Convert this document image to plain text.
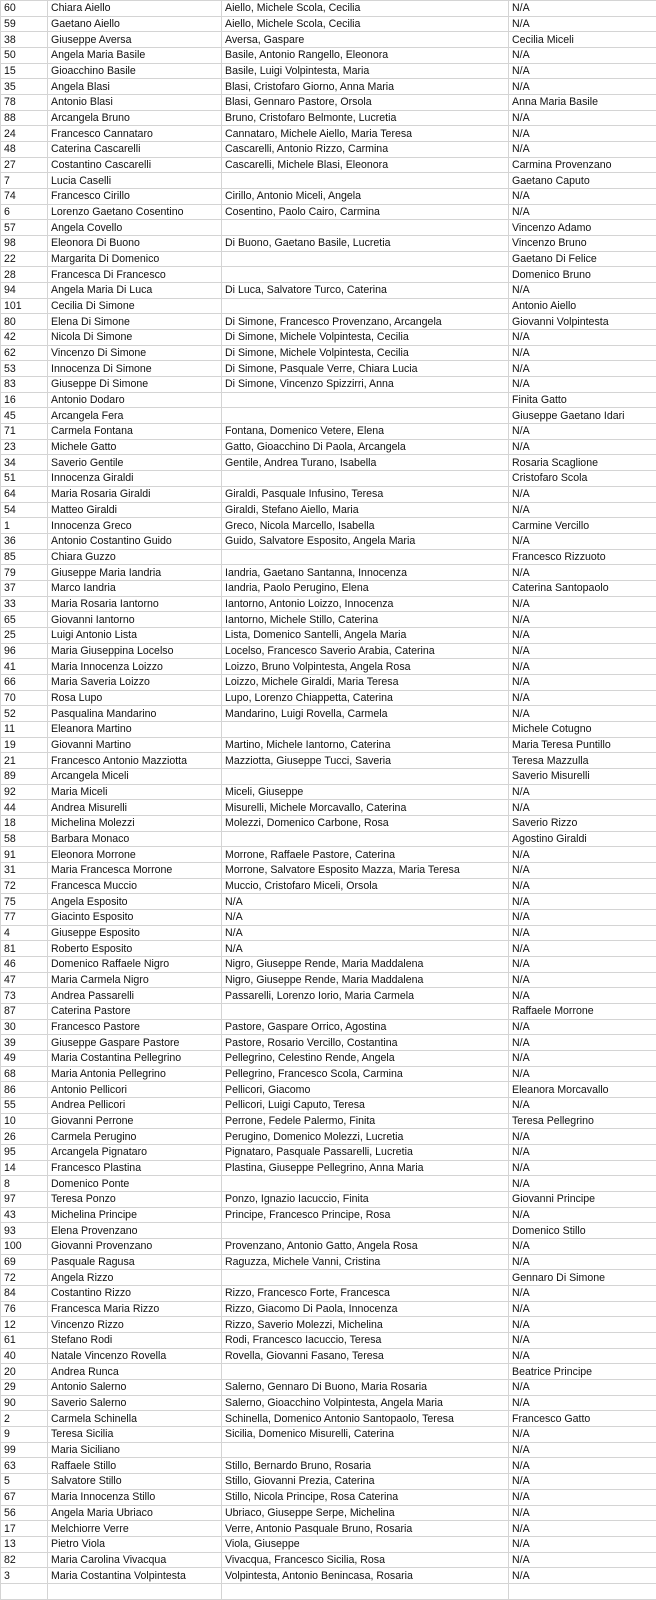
60	Chiara Aiello	Aiello, Michele Scola, Cecilia	N/A
59	Gaetano Aiello	Aiello, Michele Scola, Cecilia	N/A
38	Giuseppe Aversa	Aversa, Gaspare	Cecilia Miceli
50	Angela Maria Basile	Basile, Antonio Rangello, Eleonora	N/A
15	Gioacchino Basile	Basile, Luigi Volpintesta, Maria	N/A
35	Angela Blasi	Blasi, Cristofaro Giorno, Anna Maria	N/A
78	Antonio Blasi	Blasi, Gennaro Pastore, Orsola	Anna Maria Basile
88	Arcangela Bruno	Bruno, Cristofaro Belmonte, Lucretia	N/A
24	Francesco Cannataro	Cannataro, Michele Aiello, Maria Teresa	N/A
48	Caterina Cascarelli	Cascarelli, Antonio Rizzo, Carmina	N/A
27	Costantino Cascarelli	Cascarelli, Michele Blasi, Eleonora	Carmina Provenzano
7	Lucia Caselli		Gaetano Caputo
74	Francesco Cirillo	Cirillo, Antonio Miceli, Angela	N/A
6	Lorenzo Gaetano Cosentino	Cosentino, Paolo Cairo, Carmina	N/A
57	Angela Covello		Vincenzo Adamo
98	Eleonora Di Buono	Di Buono, Gaetano Basile, Lucretia	Vincenzo Bruno
22	Margarita Di Domenico		Gaetano Di Felice
28	Francesca Di Francesco		Domenico Bruno
94	Angela Maria Di Luca	Di Luca, Salvatore Turco, Caterina	N/A
101	Cecilia Di Simone		Antonio Aiello
80	Elena Di Simone	Di Simone, Francesco Provenzano, Arcangela	Giovanni Volpintesta
42	Nicola Di Simone	Di Simone, Michele Volpintesta, Cecilia	N/A
62	Vincenzo Di Simone	Di Simone, Michele Volpintesta, Cecilia	N/A
53	Innocenza Di Simone	Di Simone, Pasquale Verre, Chiara Lucia	N/A
83	Giuseppe Di Simone	Di Simone, Vincenzo Spizzirri, Anna	N/A
16	Antonio Dodaro		Finita Gatto
45	Arcangela Fera		Giuseppe Gaetano Idari
71	Carmela Fontana	Fontana, Domenico Vetere, Elena	N/A
23	Michele Gatto	Gatto, Gioacchino Di Paola, Arcangela	N/A
34	Saverio Gentile	Gentile, Andrea Turano, Isabella	Rosaria Scaglione
51	Innocenza Giraldi		Cristofaro Scola
64	Maria Rosaria Giraldi	Giraldi, Pasquale Infusino, Teresa	N/A
54	Matteo Giraldi	Giraldi, Stefano Aiello, Maria	N/A
1	Innocenza Greco	Greco, Nicola Marcello, Isabella	Carmine Vercillo
36	Antonio Costantino Guido	Guido, Salvatore Esposito, Angela Maria	N/A
85	Chiara Guzzo		Francesco Rizzuoto
79	Giuseppe Maria Iandria	Iandria, Gaetano Santanna, Innocenza	N/A
37	Marco Iandria	Iandria, Paolo Perugino, Elena	Caterina Santopaolo
33	Maria Rosaria Iantorno	Iantorno, Antonio Loizzo, Innocenza	N/A
65	Giovanni Iantorno	Iantorno, Michele Stillo, Caterina	N/A
25	Luigi Antonio Lista	Lista, Domenico Santelli, Angela Maria	N/A
96	Maria Giuseppina Locelso	Locelso, Francesco Saverio Arabia, Caterina	N/A
41	Maria Innocenza Loizzo	Loizzo, Bruno Volpintesta, Angela Rosa	N/A
66	Maria Saveria Loizzo	Loizzo, Michele Giraldi, Maria Teresa	N/A
70	Rosa Lupo	Lupo, Lorenzo Chiappetta, Caterina	N/A
52	Pasqualina Mandarino	Mandarino, Luigi Rovella, Carmela	N/A
11	Eleanora Martino		Michele Cotugno
19	Giovanni Martino	Martino, Michele Iantorno, Caterina	Maria Teresa Puntillo
21	Francesco Antonio Mazziotta	Mazziotta, Giuseppe Tucci, Saveria	Teresa Mazzulla
89	Arcangela Miceli		Saverio Misurelli
92	Maria Miceli	Miceli, Giuseppe	N/A
44	Andrea Misurelli	Misurelli, Michele Morcavallo, Caterina	N/A
18	Michelina Molezzi	Molezzi, Domenico Carbone, Rosa	Saverio Rizzo
58	Barbara Monaco		Agostino Giraldi
91	Eleonora Morrone	Morrone, Raffaele Pastore, Caterina	N/A
31	Maria Francesca Morrone	Morrone, Salvatore Esposito Mazza, Maria Teresa	N/A
72	Francesca Muccio	Muccio, Cristofaro Miceli, Orsola	N/A
75	Angela Esposito	N/A	N/A
77	Giacinto Esposito	N/A	N/A
4	Giuseppe Esposito	N/A	N/A
81	Roberto Esposito	N/A	N/A
46	Domenico Raffaele Nigro	Nigro, Giuseppe Rende, Maria Maddalena	N/A
47	Maria Carmela Nigro	Nigro, Giuseppe Rende, Maria Maddalena	N/A
73	Andrea Passarelli	Passarelli, Lorenzo Iorio, Maria Carmela	N/A
87	Caterina Pastore		Raffaele Morrone
30	Francesco Pastore	Pastore, Gaspare Orrico, Agostina	N/A
39	Giuseppe Gaspare Pastore	Pastore, Rosario Vercillo, Costantina	N/A
49	Maria Costantina Pellegrino	Pellegrino, Celestino Rende, Angela	N/A
68	Maria Antonia Pellegrino	Pellegrino, Francesco Scola, Carmina	N/A
86	Antonio Pellicori	Pellicori, Giacomo	Eleanora Morcavallo
55	Andrea Pellicori	Pellicori, Luigi Caputo, Teresa	N/A
10	Giovanni Perrone	Perrone, Fedele Palermo, Finita	Teresa Pellegrino
26	Carmela Perugino	Perugino, Domenico Molezzi, Lucretia	N/A
95	Arcangela Pignataro	Pignataro, Pasquale Passarelli, Lucretia	N/A
14	Francesco Plastina	Plastina, Giuseppe Pellegrino, Anna Maria	N/A
8	Domenico Ponte		N/A
97	Teresa Ponzo	Ponzo, Ignazio Iacuccio, Finita	Giovanni Principe
43	Michelina Principe	Principe, Francesco Principe, Rosa	N/A
93	Elena Provenzano		Domenico Stillo
100	Giovanni Provenzano	Provenzano, Antonio Gatto, Angela Rosa	N/A
69	Pasquale Ragusa	Raguzza, Michele Vanni, Cristina	N/A
72	Angela Rizzo		Gennaro Di Simone
84	Costantino Rizzo	Rizzo, Francesco Forte, Francesca	N/A
76	Francesca Maria Rizzo	Rizzo, Giacomo Di Paola, Innocenza	N/A
12	Vincenzo Rizzo	Rizzo, Saverio Molezzi, Michelina	N/A
61	Stefano Rodi	Rodi, Francesco Iacuccio, Teresa	N/A
40	Natale Vincenzo Rovella	Rovella, Giovanni Fasano, Teresa	N/A
20	Andrea Runca		Beatrice Principe
29	Antonio Salerno	Salerno, Gennaro Di Buono, Maria Rosaria	N/A
90	Saverio Salerno	Salerno, Gioacchino Volpintesta, Angela Maria	N/A
2	Carmela Schinella	Schinella, Domenico Antonio Santopaolo, Teresa	Francesco Gatto
9	Teresa Sicilia	Sicilia, Domenico Misurelli, Caterina	N/A
99	Maria Siciliano		N/A
63	Raffaele Stillo	Stillo, Bernardo Bruno, Rosaria	N/A
5	Salvatore Stillo	Stillo, Giovanni Prezia, Caterina	N/A
67	Maria Innocenza Stillo	Stillo, Nicola Principe, Rosa Caterina	N/A
56	Angela Maria Ubriaco	Ubriaco, Giuseppe Serpe, Michelina	N/A
17	Melchiorre Verre	Verre, Antonio Pasquale Bruno, Rosaria	N/A
13	Pietro Viola	Viola, Giuseppe	N/A
82	Maria Carolina Vivacqua	Vivacqua, Francesco Sicilia, Rosa	N/A
3	Maria Costantina Volpintesta	Volpintesta, Antonio Benincasa, Rosaria	N/A
